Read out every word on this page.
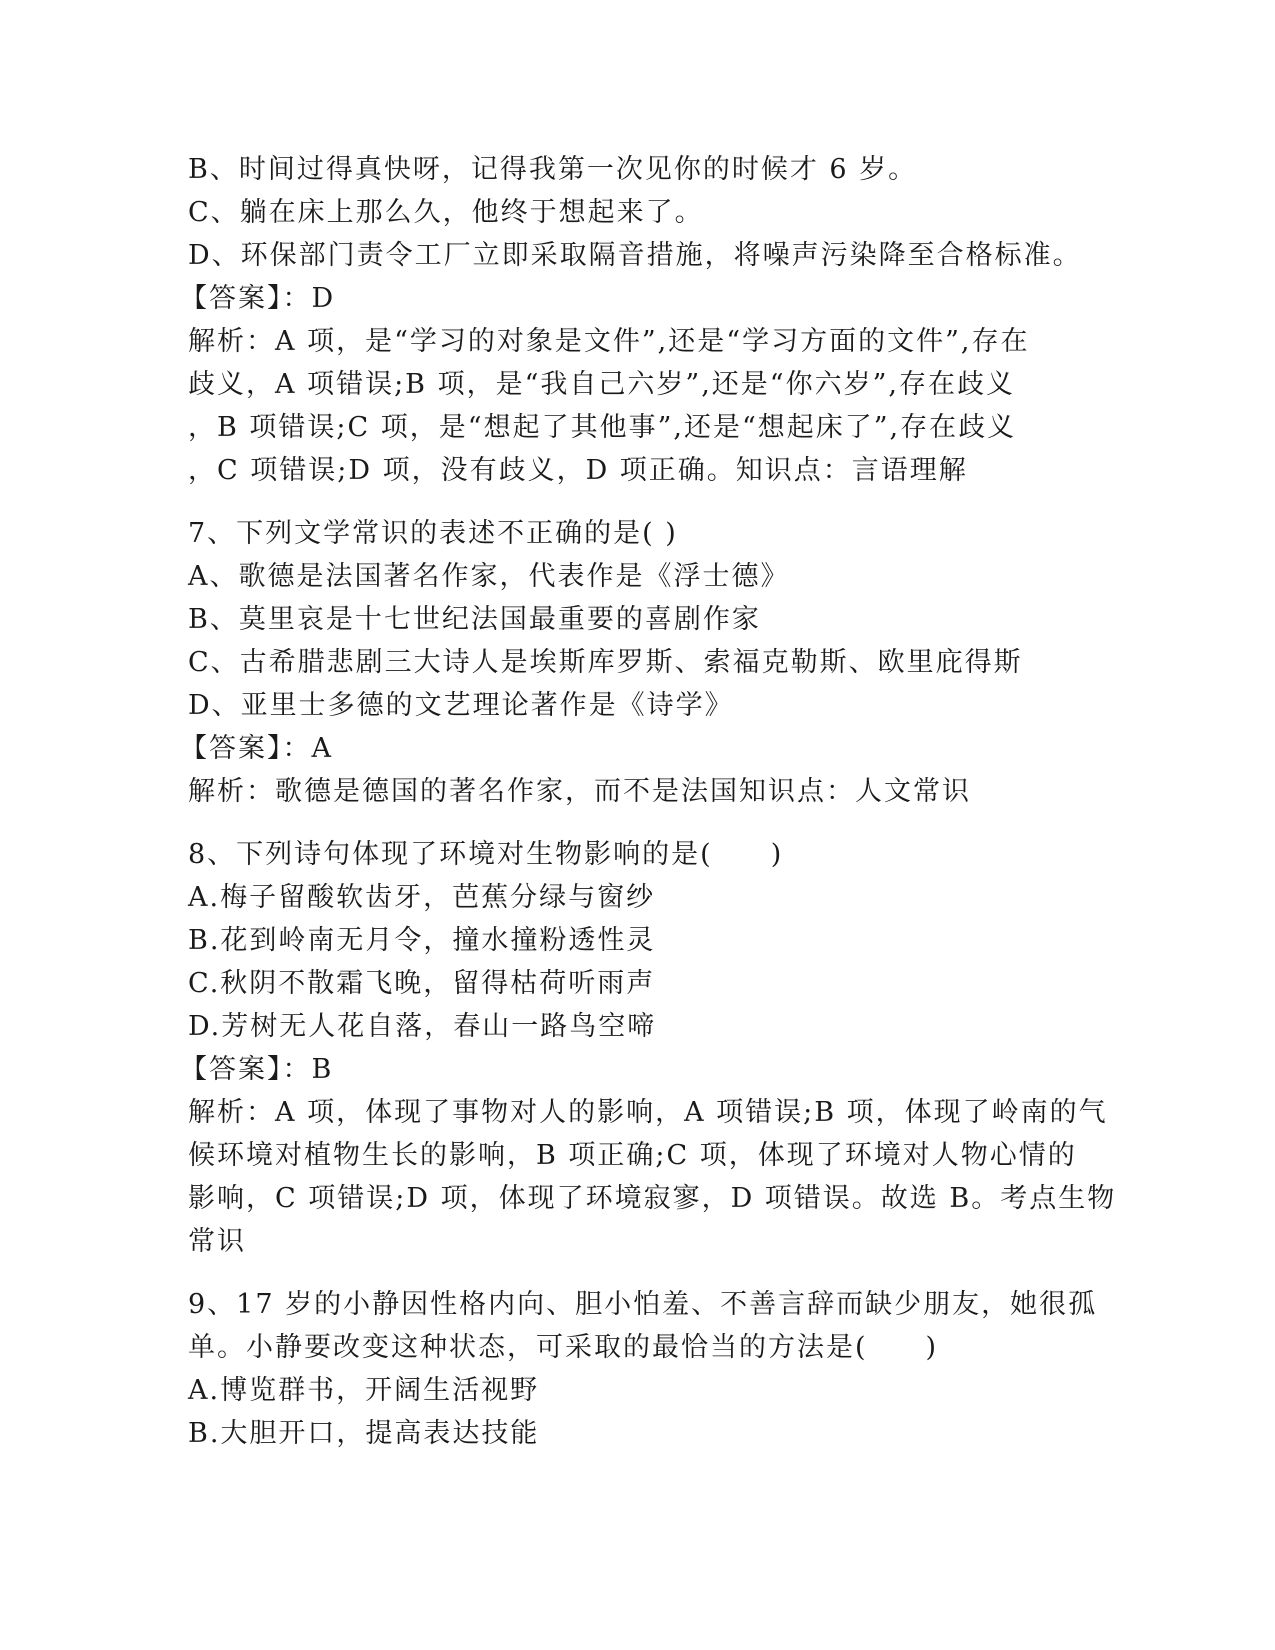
B、时间过得真快呀，记得我第一次见你的时候才 6 岁。
C、躺在床上那么久，他终于想起来了。
D、环保部门责令工厂立即采取隔音措施，将噪声污染降至合格标准。
【答案】：D
解析：A 项，是“学习的对象是文件”,还是“学习方面的文件”,存在
歧义，A 项错误;B 项，是“我自己六岁”,还是“你六岁”,存在歧义
，B 项错误;C 项，是“想起了其他事”,还是“想起床了”,存在歧义
，C 项错误;D 项，没有歧义，D 项正确。知识点：言语理解
7、下列文学常识的表述不正确的是( )
A、歌德是法国著名作家，代表作是《浮士德》
B、莫里哀是十七世纪法国最重要的喜剧作家
C、古希腊悲剧三大诗人是埃斯库罗斯、索福克勒斯、欧里庇得斯
D、亚里士多德的文艺理论著作是《诗学》
【答案】：A
解析：歌德是德国的著名作家，而不是法国知识点：人文常识
8、下列诗句体现了环境对生物影响的是(　　)
A.梅子留酸软齿牙，芭蕉分绿与窗纱
B.花到岭南无月令，撞水撞粉透性灵
C.秋阴不散霜飞晚，留得枯荷听雨声
D.芳树无人花自落，春山一路鸟空啼
【答案】：B
解析：A 项，体现了事物对人的影响，A 项错误;B 项，体现了岭南的气
候环境对植物生长的影响，B 项正确;C 项，体现了环境对人物心情的
影响，C 项错误;D 项，体现了环境寂寥，D 项错误。故选 B。考点生物
常识
9、17 岁的小静因性格内向、胆小怕羞、不善言辞而缺少朋友，她很孤
单。小静要改变这种状态，可采取的最恰当的方法是(　　)
A.博览群书，开阔生活视野
B.大胆开口，提高表达技能
